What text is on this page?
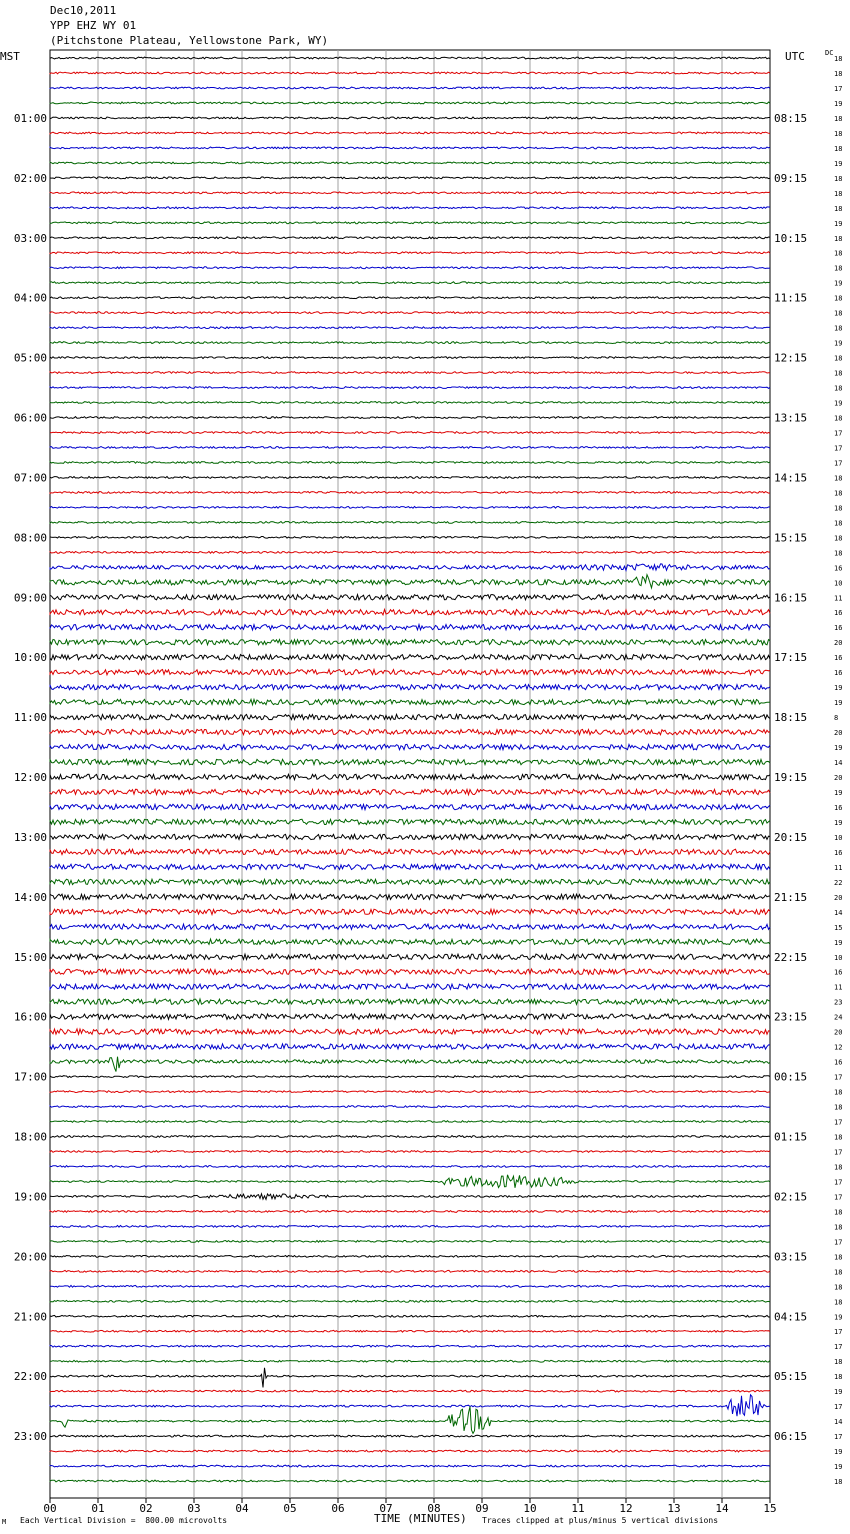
00	01	02	03	04	05	06	07	08	09	10	11	12	13	14	15
18
18
17
19
18
18
18
19
18
18
18
19
18
18
18
19
18
18
18
19
18
18
18
19
18
17
17
17
18
18
18
18
18
18
16
10
11
16
16
20
16
16
19
19
8
20
19
14
20
19
16
19
10
16
11
22
20
14
15
19
10
16
11
23
24
20
12
16
17
18
18
17
18
17
18
17
17
18
18
17
18
18
18
18
19
17
17
18
18
19
17
14
17
19
19
18
01:00	08:15
02:00	09:15
03:00	10:15
04:00	11:15
05:00	12:15
06:00	13:15
07:00	14:15
08:00	15:15
09:00	16:15
10:00	17:15
11:00	18:15
12:00	19:15
13:00	20:15
14:00	21:15
15:00	22:15
16:00	23:15
17:00	00:15
18:00	01:15
19:00	02:15
20:00	03:15
21:00	04:15
22:00	05:15
23:00	06:15
Dec10,2011
YPP EHZ WY 01
(Pitchstone Plateau, Yellowstone Park, WY)
MST	UTC	DC
TIME (MINUTES)
M Each Vertical Division =  800.00 microvolts	Traces clipped at plus/minus 5 vertical divisions
